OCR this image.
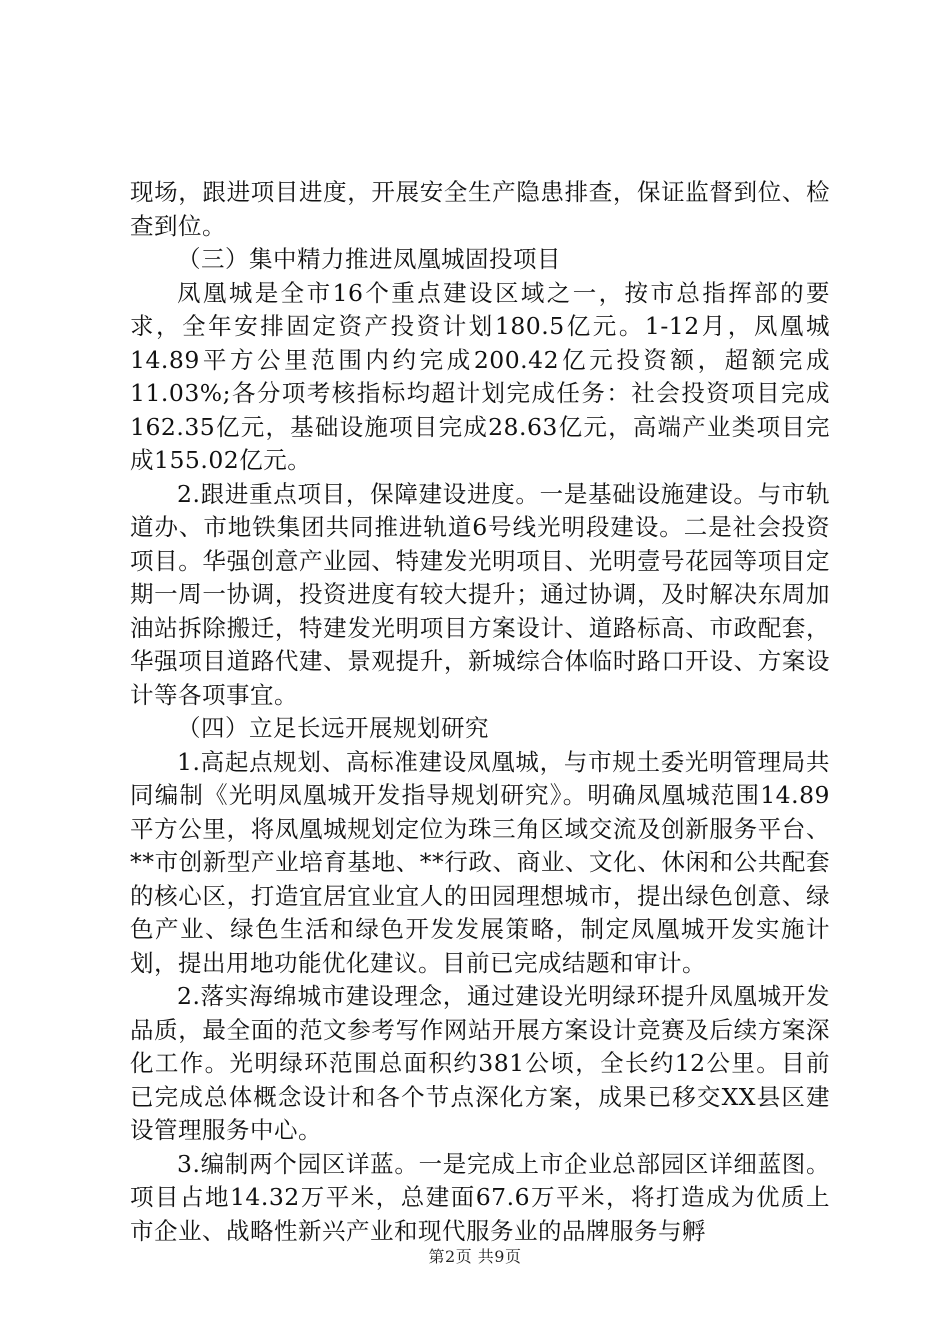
现场，跟进项目进度，开展安全生产隐患排查，保证监督到位、检查到位。

（三）集中精力推进凤凰城固投项目

凤凰城是全市16个重点建设区域之一，按市总指挥部的要求，全年安排固定资产投资计划180.5亿元。1-12月，凤凰城14.89平方公里范围内约完成200.42亿元投资额，超额完成11.03%;各分项考核指标均超计划完成任务：社会投资项目完成162.35亿元，基础设施项目完成28.63亿元，高端产业类项目完成155.02亿元。

2.跟进重点项目，保障建设进度。一是基础设施建设。与市轨道办、市地铁集团共同推进轨道6号线光明段建设。二是社会投资项目。华强创意产业园、特建发光明项目、光明壹号花园等项目定期一周一协调，投资进度有较大提升；通过协调，及时解决东周加油站拆除搬迁，特建发光明项目方案设计、道路标高、市政配套，华强项目道路代建、景观提升，新城综合体临时路口开设、方案设计等各项事宜。

（四）立足长远开展规划研究

1.高起点规划、高标准建设凤凰城，与市规土委光明管理局共同编制《光明凤凰城开发指导规划研究》。明确凤凰城范围14.89平方公里，将凤凰城规划定位为珠三角区域交流及创新服务平台、**市创新型产业培育基地、**行政、商业、文化、休闲和公共配套的核心区，打造宜居宜业宜人的田园理想城市，提出绿色创意、绿色产业、绿色生活和绿色开发发展策略，制定凤凰城开发实施计划，提出用地功能优化建议。目前已完成结题和审计。

2.落实海绵城市建设理念，通过建设光明绿环提升凤凰城开发品质，最全面的范文参考写作网站开展方案设计竞赛及后续方案深化工作。光明绿环范围总面积约381公顷，全长约12公里。目前已完成总体概念设计和各个节点深化方案，成果已移交XX县区建设管理服务中心。

3.编制两个园区详蓝。一是完成上市企业总部园区详细蓝图。项目占地14.32万平米，总建面67.6万平米，将打造成为优质上市企业、战略性新兴产业和现代服务业的品牌服务与孵

第2页 共9页
